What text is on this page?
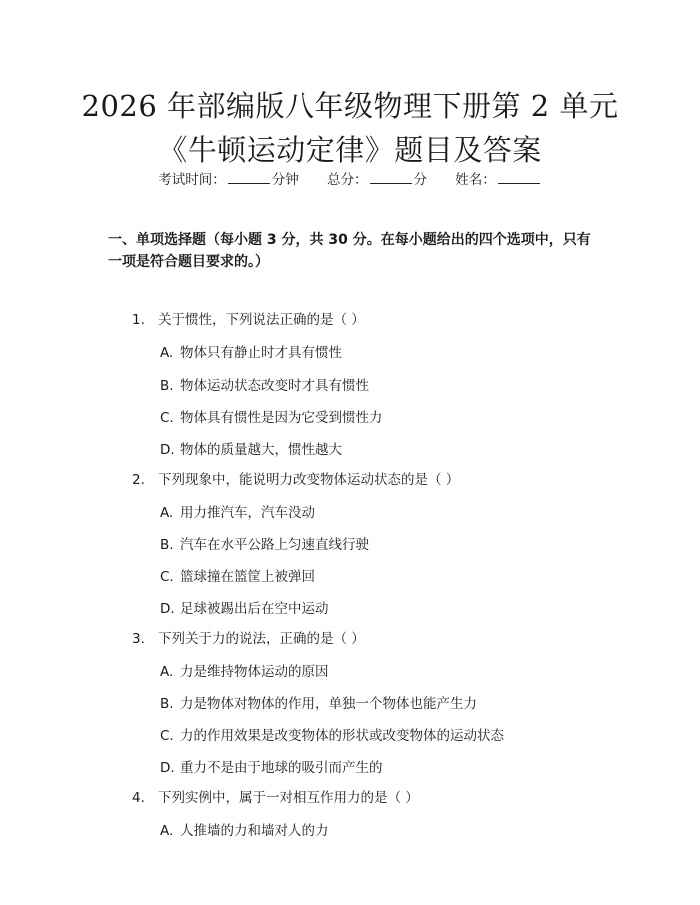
2026 年部编版八年级物理下册第 2 单元《牛顿运动定律》题目及答案
考试时间：	分钟 总分：	分 姓名：
一、单项选择题（每小题 3 分，共 30 分。在每小题给出的四个选项中，只有一项是符合题目要求的。）
1. 关于惯性，下列说法正确的是（ ）
A. 物体只有静止时才具有惯性
B. 物体运动状态改变时才具有惯性
C. 物体具有惯性是因为它受到惯性力
D. 物体的质量越大，惯性越大
2. 下列现象中，能说明力改变物体运动状态的是（ ）
A. 用力推汽车，汽车没动
B. 汽车在水平公路上匀速直线行驶
C. 篮球撞在篮筐上被弹回
D. 足球被踢出后在空中运动
3. 下列关于力的说法，正确的是（ ）
A. 力是维持物体运动的原因
B. 力是物体对物体的作用，单独一个物体也能产生力
C. 力的作用效果是改变物体的形状或改变物体的运动状态
D. 重力不是由于地球的吸引而产生的
4. 下列实例中，属于一对相互作用力的是（ ）
A. 人推墙的力和墙对人的力
